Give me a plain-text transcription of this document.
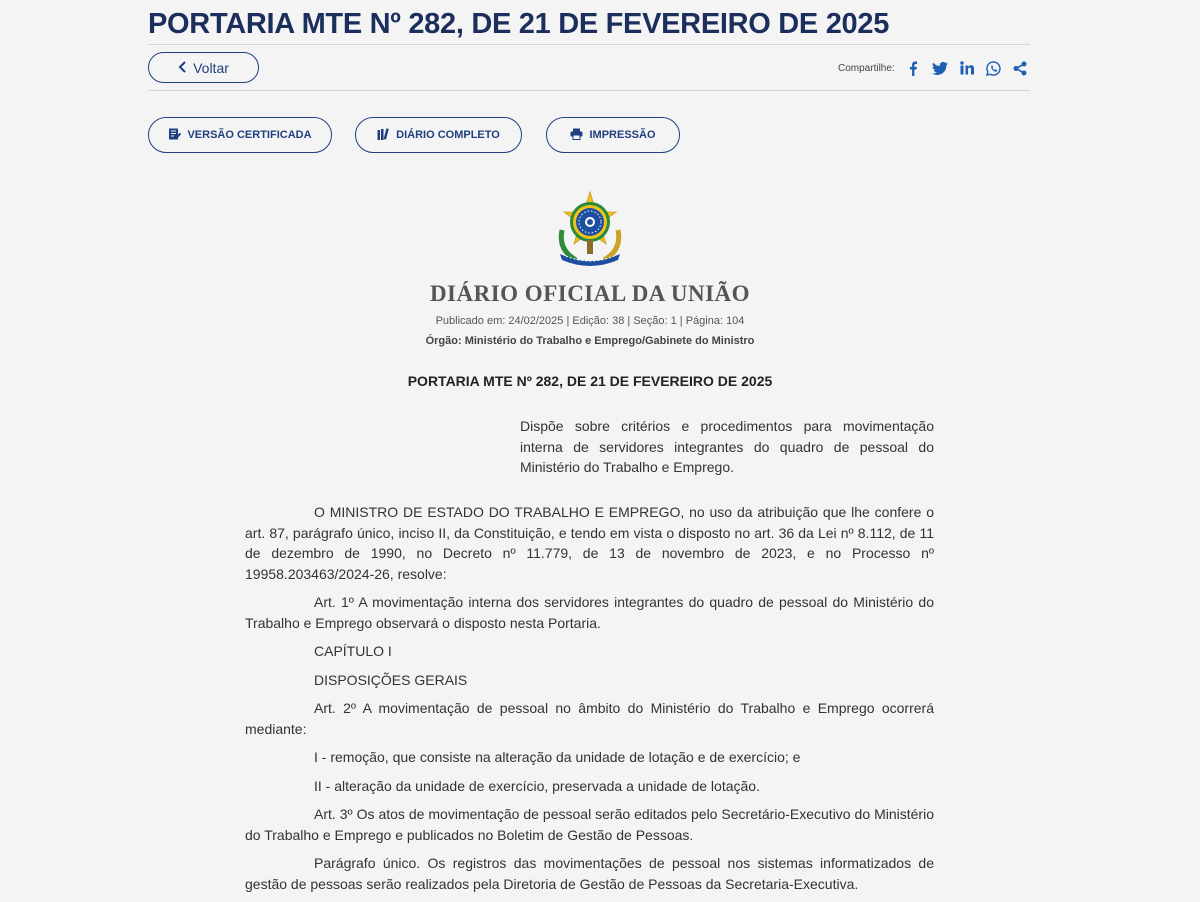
PORTARIA MTE Nº 282, DE 21 DE FEVEREIRO DE 2025
Voltar	Compartilhe:
VERSÃO CERTIFICADA	DIÁRIO COMPLETO	IMPRESSÃO
DIÁRIO OFICIAL DA UNIÃO
Publicado em: 24/02/2025 | Edição: 38 | Seção: 1 | Página: 104
Órgão: Ministério do Trabalho e Emprego/Gabinete do Ministro
PORTARIA MTE Nº 282, DE 21 DE FEVEREIRO DE 2025
Dispõe sobre critérios e procedimentos para movimentação interna de servidores integrantes do quadro de pessoal do Ministério do Trabalho e Emprego.

O MINISTRO DE ESTADO DO TRABALHO E EMPREGO, no uso da atribuição que lhe confere o art. 87, parágrafo único, inciso II, da Constituição, e tendo em vista o disposto no art. 36 da Lei nº 8.112, de 11 de dezembro de 1990, no Decreto nº 11.779, de 13 de novembro de 2023, e no Processo nº 19958.203463/2024-26, resolve:

Art. 1º A movimentação interna dos servidores integrantes do quadro de pessoal do Ministério do Trabalho e Emprego observará o disposto nesta Portaria.

CAPÍTULO I

DISPOSIÇÕES GERAIS

Art. 2º A movimentação de pessoal no âmbito do Ministério do Trabalho e Emprego ocorrerá mediante:

I - remoção, que consiste na alteração da unidade de lotação e de exercício; e

II - alteração da unidade de exercício, preservada a unidade de lotação.

Art. 3º Os atos de movimentação de pessoal serão editados pelo Secretário-Executivo do Ministério do Trabalho e Emprego e publicados no Boletim de Gestão de Pessoas.

Parágrafo único. Os registros das movimentações de pessoal nos sistemas informatizados de gestão de pessoas serão realizados pela Diretoria de Gestão de Pessoas da Secretaria-Executiva.
